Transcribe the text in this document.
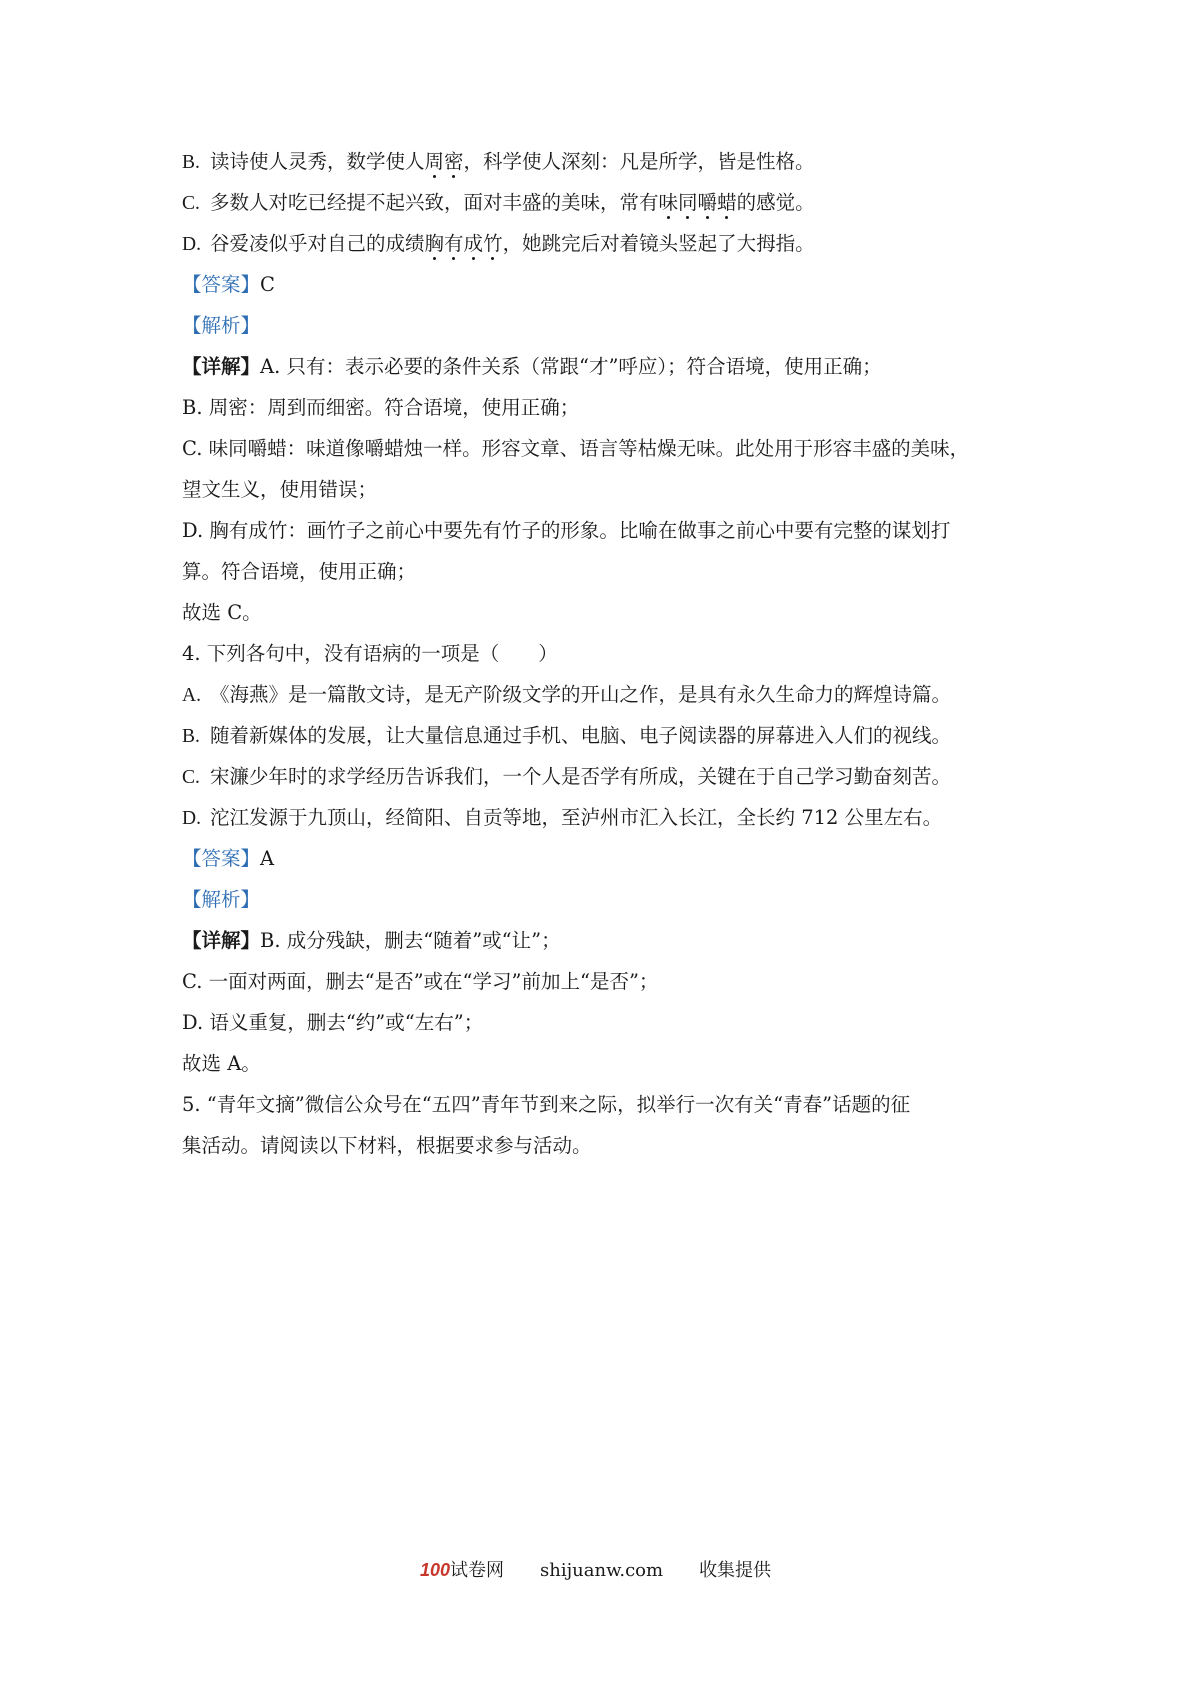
B. 读诗使人灵秀，数学使人周密，科学使人深刻：凡是所学，皆是性格。
C. 多数人对吃已经提不起兴致，面对丰盛的美味，常有味同嚼蜡的感觉。
D. 谷爱凌似乎对自己的成绩胸有成竹，她跳完后对着镜头竖起了大拇指。
【答案】C
【解析】
【详解】A. 只有：表示必要的条件关系（常跟“才”呼应）；符合语境，使用正确；
B. 周密：周到而细密。符合语境，使用正确；
C. 味同嚼蜡：味道像嚼蜡烛一样。形容文章、语言等枯燥无味。此处用于形容丰盛的美味，
望文生义，使用错误；
D. 胸有成竹：画竹子之前心中要先有竹子的形象。比喻在做事之前心中要有完整的谋划打
算。符合语境，使用正确；
故选 C。
4. 下列各句中，没有语病的一项是（　　）
A. 《海燕》是一篇散文诗，是无产阶级文学的开山之作，是具有永久生命力的辉煌诗篇。
B. 随着新媒体的发展，让大量信息通过手机、电脑、电子阅读器的屏幕进入人们的视线。
C. 宋濂少年时的求学经历告诉我们，一个人是否学有所成，关键在于自己学习勤奋刻苦。
D. 沱江发源于九顶山，经简阳、自贡等地，至泸州市汇入长江，全长约 712 公里左右。
【答案】A
【解析】
【详解】B. 成分残缺，删去“随着”或“让”；
C. 一面对两面，删去“是否”或在“学习”前加上“是否”；
D. 语义重复，删去“约”或“左右”；
故选 A。
5. “青年文摘”微信公众号在“五四”青年节到来之际，拟举行一次有关“青春”话题的征
集活动。请阅读以下材料，根据要求参与活动。
100试卷网 shijuanw.com 收集提供
